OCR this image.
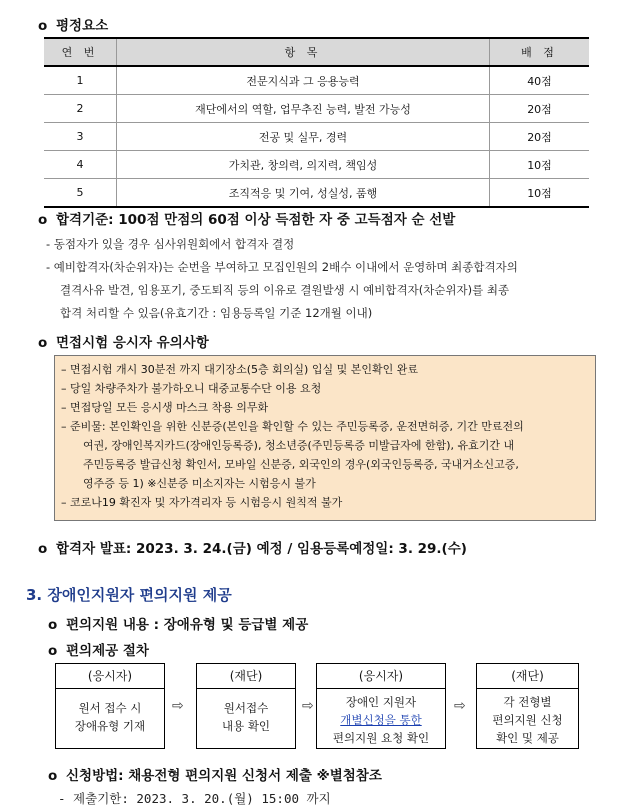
o 평정요소
연 번	항 목	배 점
1	전문지식과 그 응용능력	40점
2	재단에서의 역할, 업무추진 능력, 발전 가능성	20점
3	전공 및 실무, 경력	20점
4	가치관, 창의력, 의지력, 책임성	10점
5	조직적응 및 기여, 성실성, 품행	10점
o 합격기준: 100점 만점의 60점 이상 득점한 자 중 고득점자 순 선발
- 동점자가 있을 경우 심사위원회에서 합격자 결정
- 예비합격자(차순위자)는 순번을 부여하고 모집인원의 2배수 이내에서 운영하며 최종합격자의
결격사유 발견, 임용포기, 중도퇴직 등의 이유로 결원발생 시 예비합격자(차순위자)를 최종
합격 처리할 수 있음(유효기간 : 임용등록일 기준 12개월 이내)
o 면접시험 응시자 유의사항
– 면접시험 개시 30분전 까지 대기장소(5층 회의실) 입실 및 본인확인 완료
– 당일 차량주차가 불가하오니 대중교통수단 이용 요청
– 면접당일 모든 응시생 마스크 착용 의무화
– 준비물: 본인확인을 위한 신분증(본인을 확인할 수 있는 주민등록증, 운전면허증, 기간 만료전의
여권, 장애인복지카드(장애인등록증), 청소년증(주민등록증 미발급자에 한함), 유효기간 내
주민등록증 발급신청 확인서, 모바일 신분증, 외국인의 경우(외국인등록증, 국내거소신고증,
영주증 등 1) ※신분증 미소지자는 시험응시 불가
– 코로나19 확진자 및 자가격리자 등 시험응시 원칙적 불가
o 합격자 발표: 2023. 3. 24.(금) 예정 / 임용등록예정일: 3. 29.(수)
3. 장애인지원자 편의지원 제공
o 편의지원 내용 : 장애유형 및 등급별 제공
o 편의제공 절차
(응시자)
원서 접수 시
장애유형 기재
⇨
(재단)
원서접수
내용 확인
⇨
(응시자)
장애인 지원자
개별신청을 통한
편의지원 요청 확인
⇨
(재단)
각 전형별
편의지원 신청
확인 및 제공
o 신청방법: 채용전형 편의지원 신청서 제출 ※별첨참조
- 제출기한: 2023. 3. 20.(월) 15:00 까지
